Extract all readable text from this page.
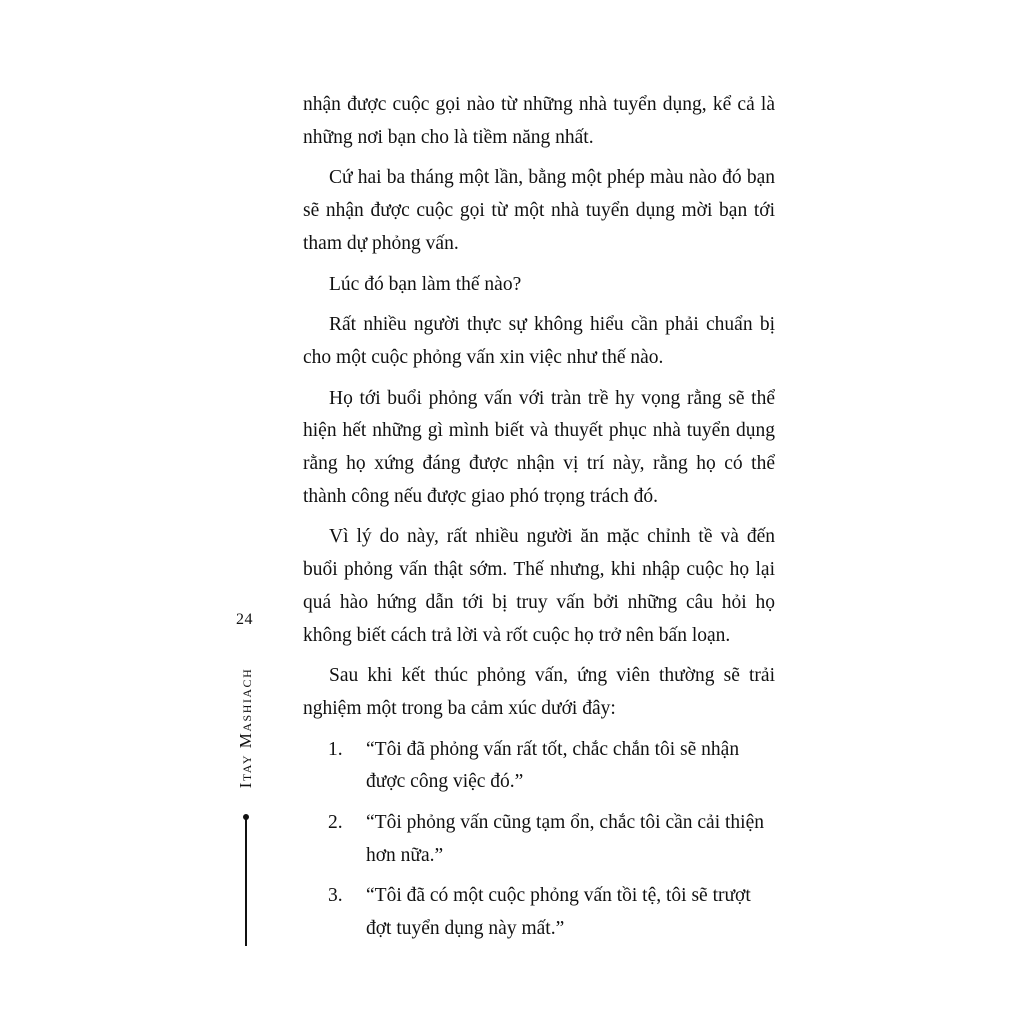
nhận được cuộc gọi nào từ những nhà tuyển dụng, kể cả là những nơi bạn cho là tiềm năng nhất.

Cứ hai ba tháng một lần, bằng một phép màu nào đó bạn sẽ nhận được cuộc gọi từ một nhà tuyển dụng mời bạn tới tham dự phỏng vấn.

Lúc đó bạn làm thế nào?

Rất nhiều người thực sự không hiểu cần phải chuẩn bị cho một cuộc phỏng vấn xin việc như thế nào.

Họ tới buổi phỏng vấn với tràn trề hy vọng rằng sẽ thể hiện hết những gì mình biết và thuyết phục nhà tuyển dụng rằng họ xứng đáng được nhận vị trí này, rằng họ có thể thành công nếu được giao phó trọng trách đó.

Vì lý do này, rất nhiều người ăn mặc chỉnh tề và đến buổi phỏng vấn thật sớm. Thế nhưng, khi nhập cuộc họ lại quá hào hứng dẫn tới bị truy vấn bởi những câu hỏi họ không biết cách trả lời và rốt cuộc họ trở nên bấn loạn.

Sau khi kết thúc phỏng vấn, ứng viên thường sẽ trải nghiệm một trong ba cảm xúc dưới đây:

1.	“Tôi đã phỏng vấn rất tốt, chắc chắn tôi sẽ nhận được công việc đó.”
2.	“Tôi phỏng vấn cũng tạm ổn, chắc tôi cần cải thiện hơn nữa.”
3.	“Tôi đã có một cuộc phỏng vấn tồi tệ, tôi sẽ trượt đợt tuyển dụng này mất.”
24
Itay Mashiach
